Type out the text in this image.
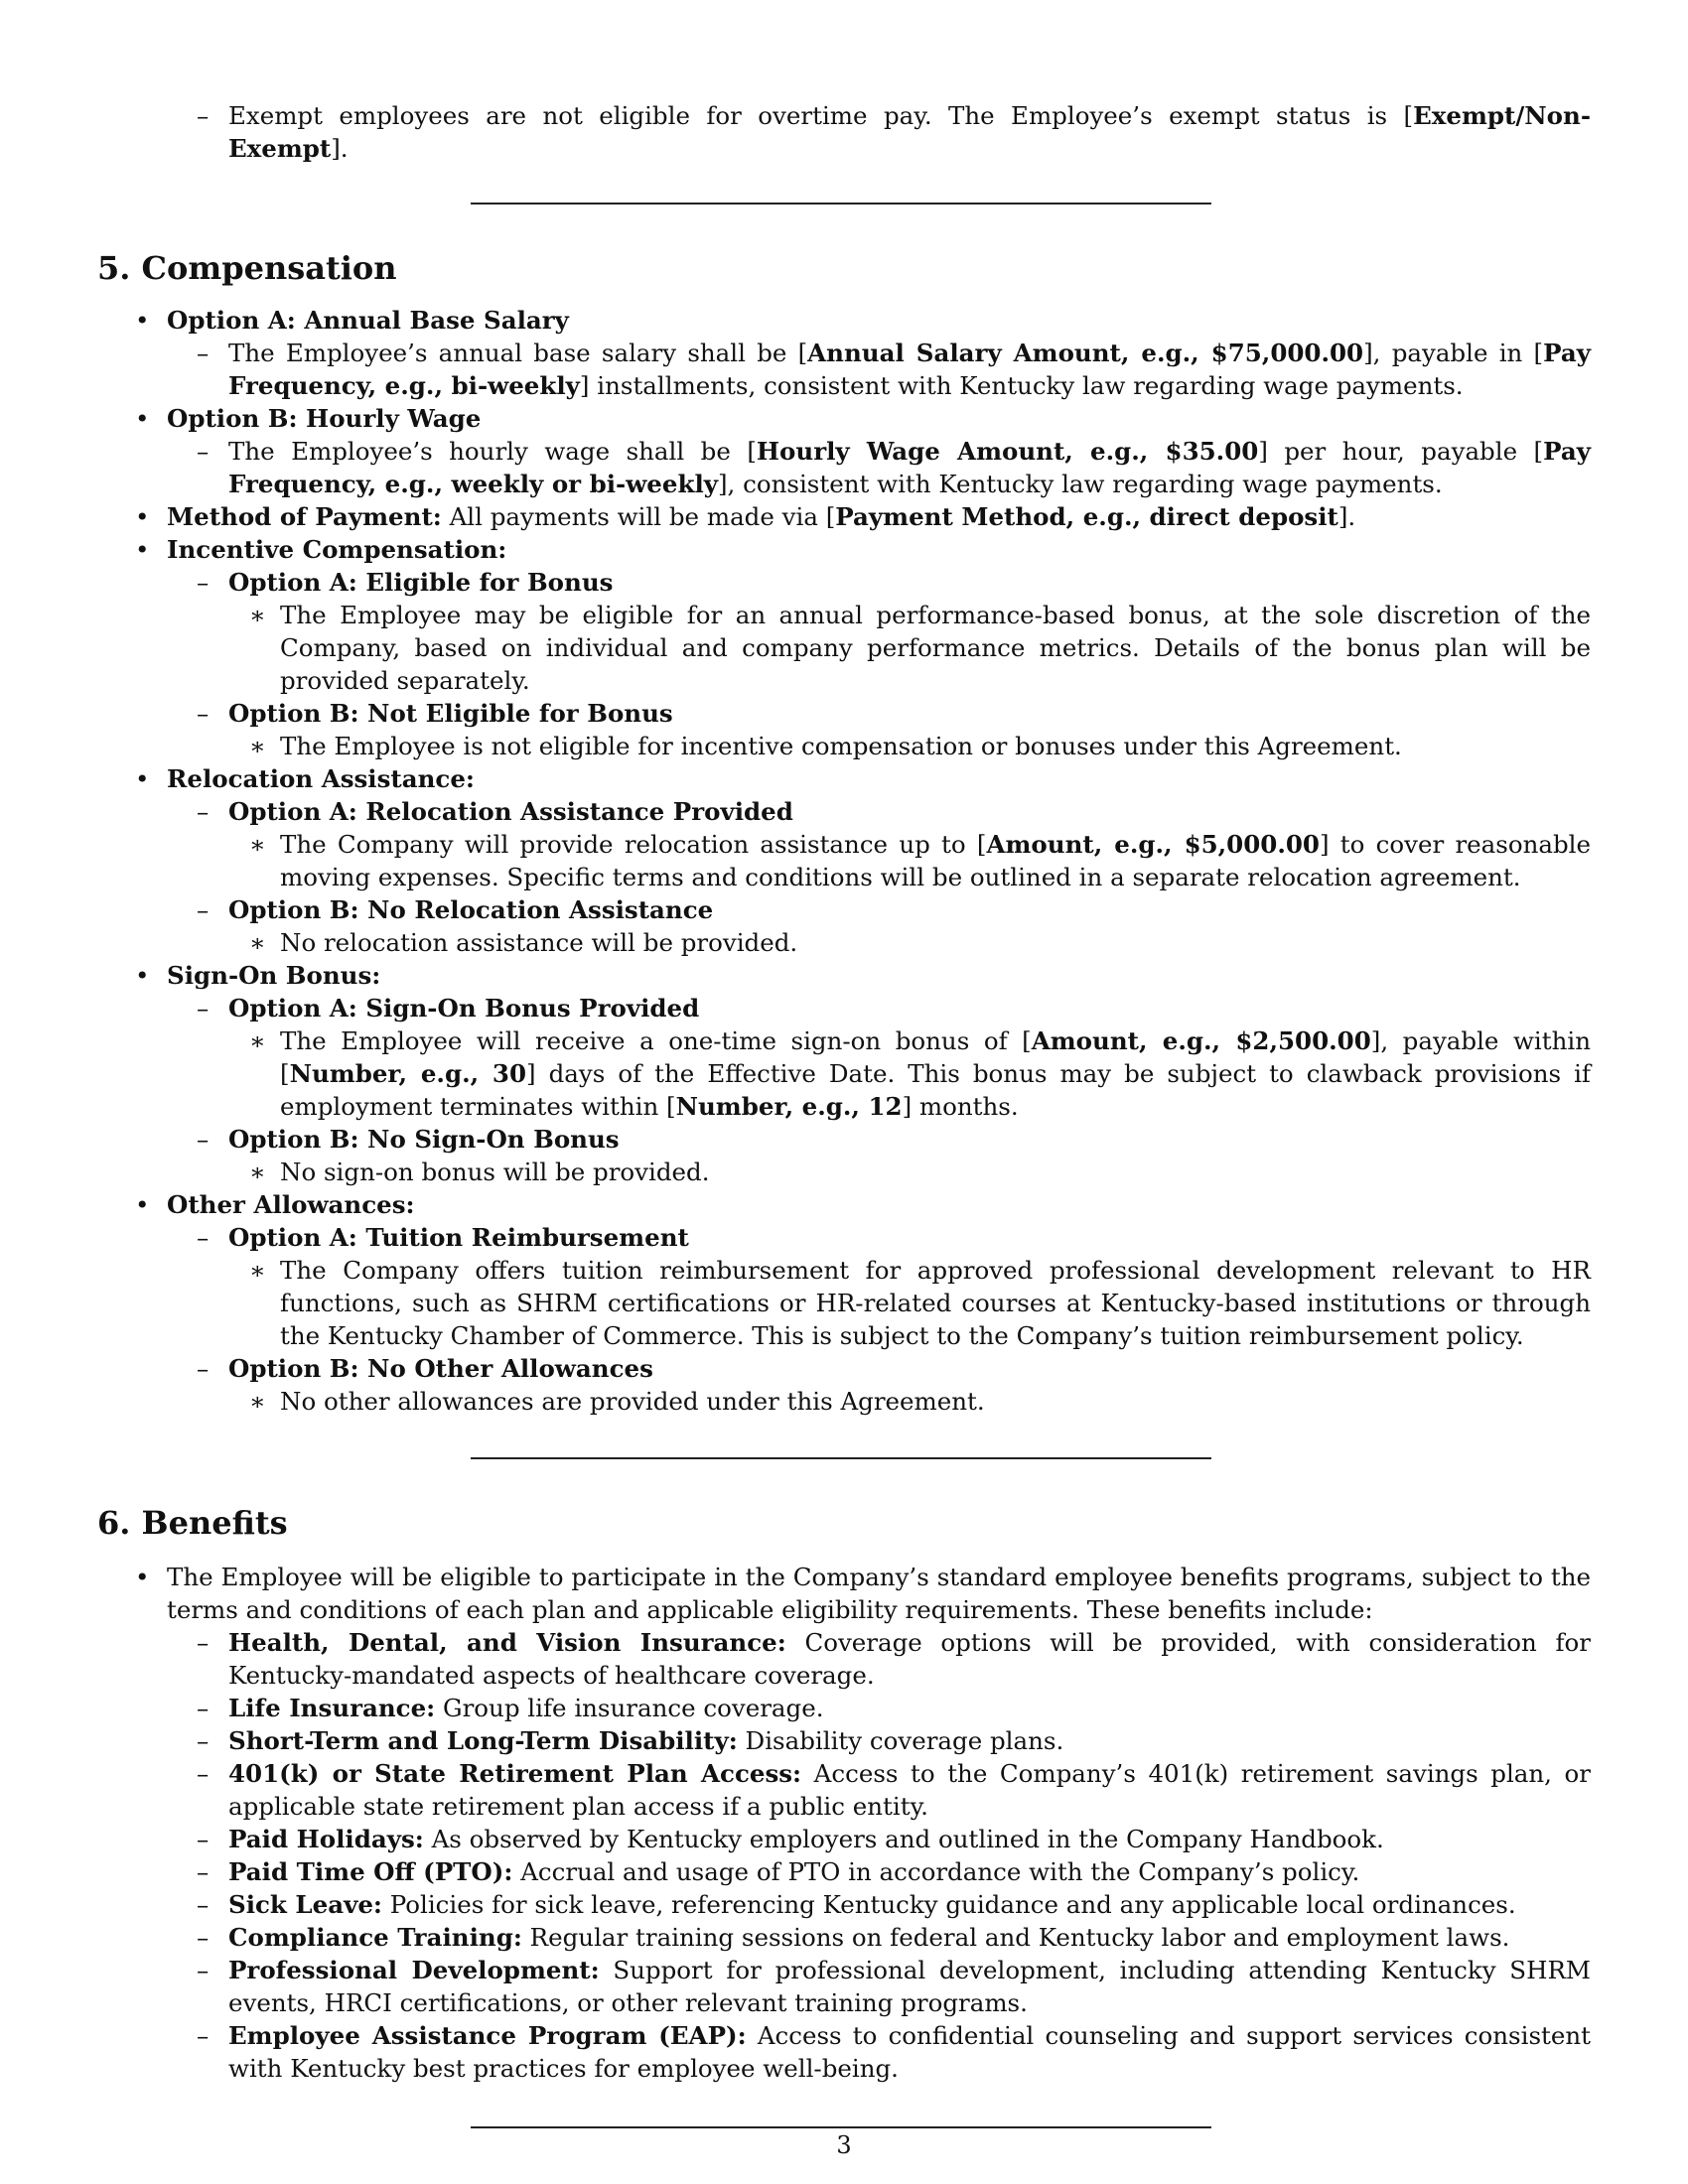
– Exempt employees are not eligible for overtime pay. The Employee’s exempt status is [Exempt/Non-Exempt].
5. Compensation
• Option A: Annual Base Salary
– The Employee’s annual base salary shall be [Annual Salary Amount, e.g., $75,000.00], payable in [Pay Frequency, e.g., bi-weekly] installments, consistent with Kentucky law regarding wage payments.
• Option B: Hourly Wage
– The Employee’s hourly wage shall be [Hourly Wage Amount, e.g., $35.00] per hour, payable [Pay Frequency, e.g., weekly or bi-weekly], consistent with Kentucky law regarding wage payments.
• Method of Payment: All payments will be made via [Payment Method, e.g., direct deposit].
• Incentive Compensation:
– Option A: Eligible for Bonus
∗ The Employee may be eligible for an annual performance-based bonus, at the sole discretion of the Company, based on individual and company performance metrics. Details of the bonus plan will be provided separately.
– Option B: Not Eligible for Bonus
∗ The Employee is not eligible for incentive compensation or bonuses under this Agreement.
• Relocation Assistance:
– Option A: Relocation Assistance Provided
∗ The Company will provide relocation assistance up to [Amount, e.g., $5,000.00] to cover reasonable moving expenses. Specific terms and conditions will be outlined in a separate relocation agreement.
– Option B: No Relocation Assistance
∗ No relocation assistance will be provided.
• Sign-On Bonus:
– Option A: Sign-On Bonus Provided
∗ The Employee will receive a one-time sign-on bonus of [Amount, e.g., $2,500.00], payable within [Number, e.g., 30] days of the Effective Date. This bonus may be subject to clawback provisions if employment terminates within [Number, e.g., 12] months.
– Option B: No Sign-On Bonus
∗ No sign-on bonus will be provided.
• Other Allowances:
– Option A: Tuition Reimbursement
∗ The Company offers tuition reimbursement for approved professional development relevant to HR functions, such as SHRM certifications or HR-related courses at Kentucky-based institutions or through the Kentucky Chamber of Commerce. This is subject to the Company’s tuition reimbursement policy.
– Option B: No Other Allowances
∗ No other allowances are provided under this Agreement.
6. Benefits
• The Employee will be eligible to participate in the Company’s standard employee benefits programs, subject to the terms and conditions of each plan and applicable eligibility requirements. These benefits include:
– Health, Dental, and Vision Insurance: Coverage options will be provided, with consideration for Kentucky-mandated aspects of healthcare coverage.
– Life Insurance: Group life insurance coverage.
– Short-Term and Long-Term Disability: Disability coverage plans.
– 401(k) or State Retirement Plan Access: Access to the Company’s 401(k) retirement savings plan, or applicable state retirement plan access if a public entity.
– Paid Holidays: As observed by Kentucky employers and outlined in the Company Handbook.
– Paid Time Off (PTO): Accrual and usage of PTO in accordance with the Company’s policy.
– Sick Leave: Policies for sick leave, referencing Kentucky guidance and any applicable local ordinances.
– Compliance Training: Regular training sessions on federal and Kentucky labor and employment laws.
– Professional Development: Support for professional development, including attending Kentucky SHRM events, HRCI certifications, or other relevant training programs.
– Employee Assistance Program (EAP): Access to confidential counseling and support services consistent with Kentucky best practices for employee well-being.
3
